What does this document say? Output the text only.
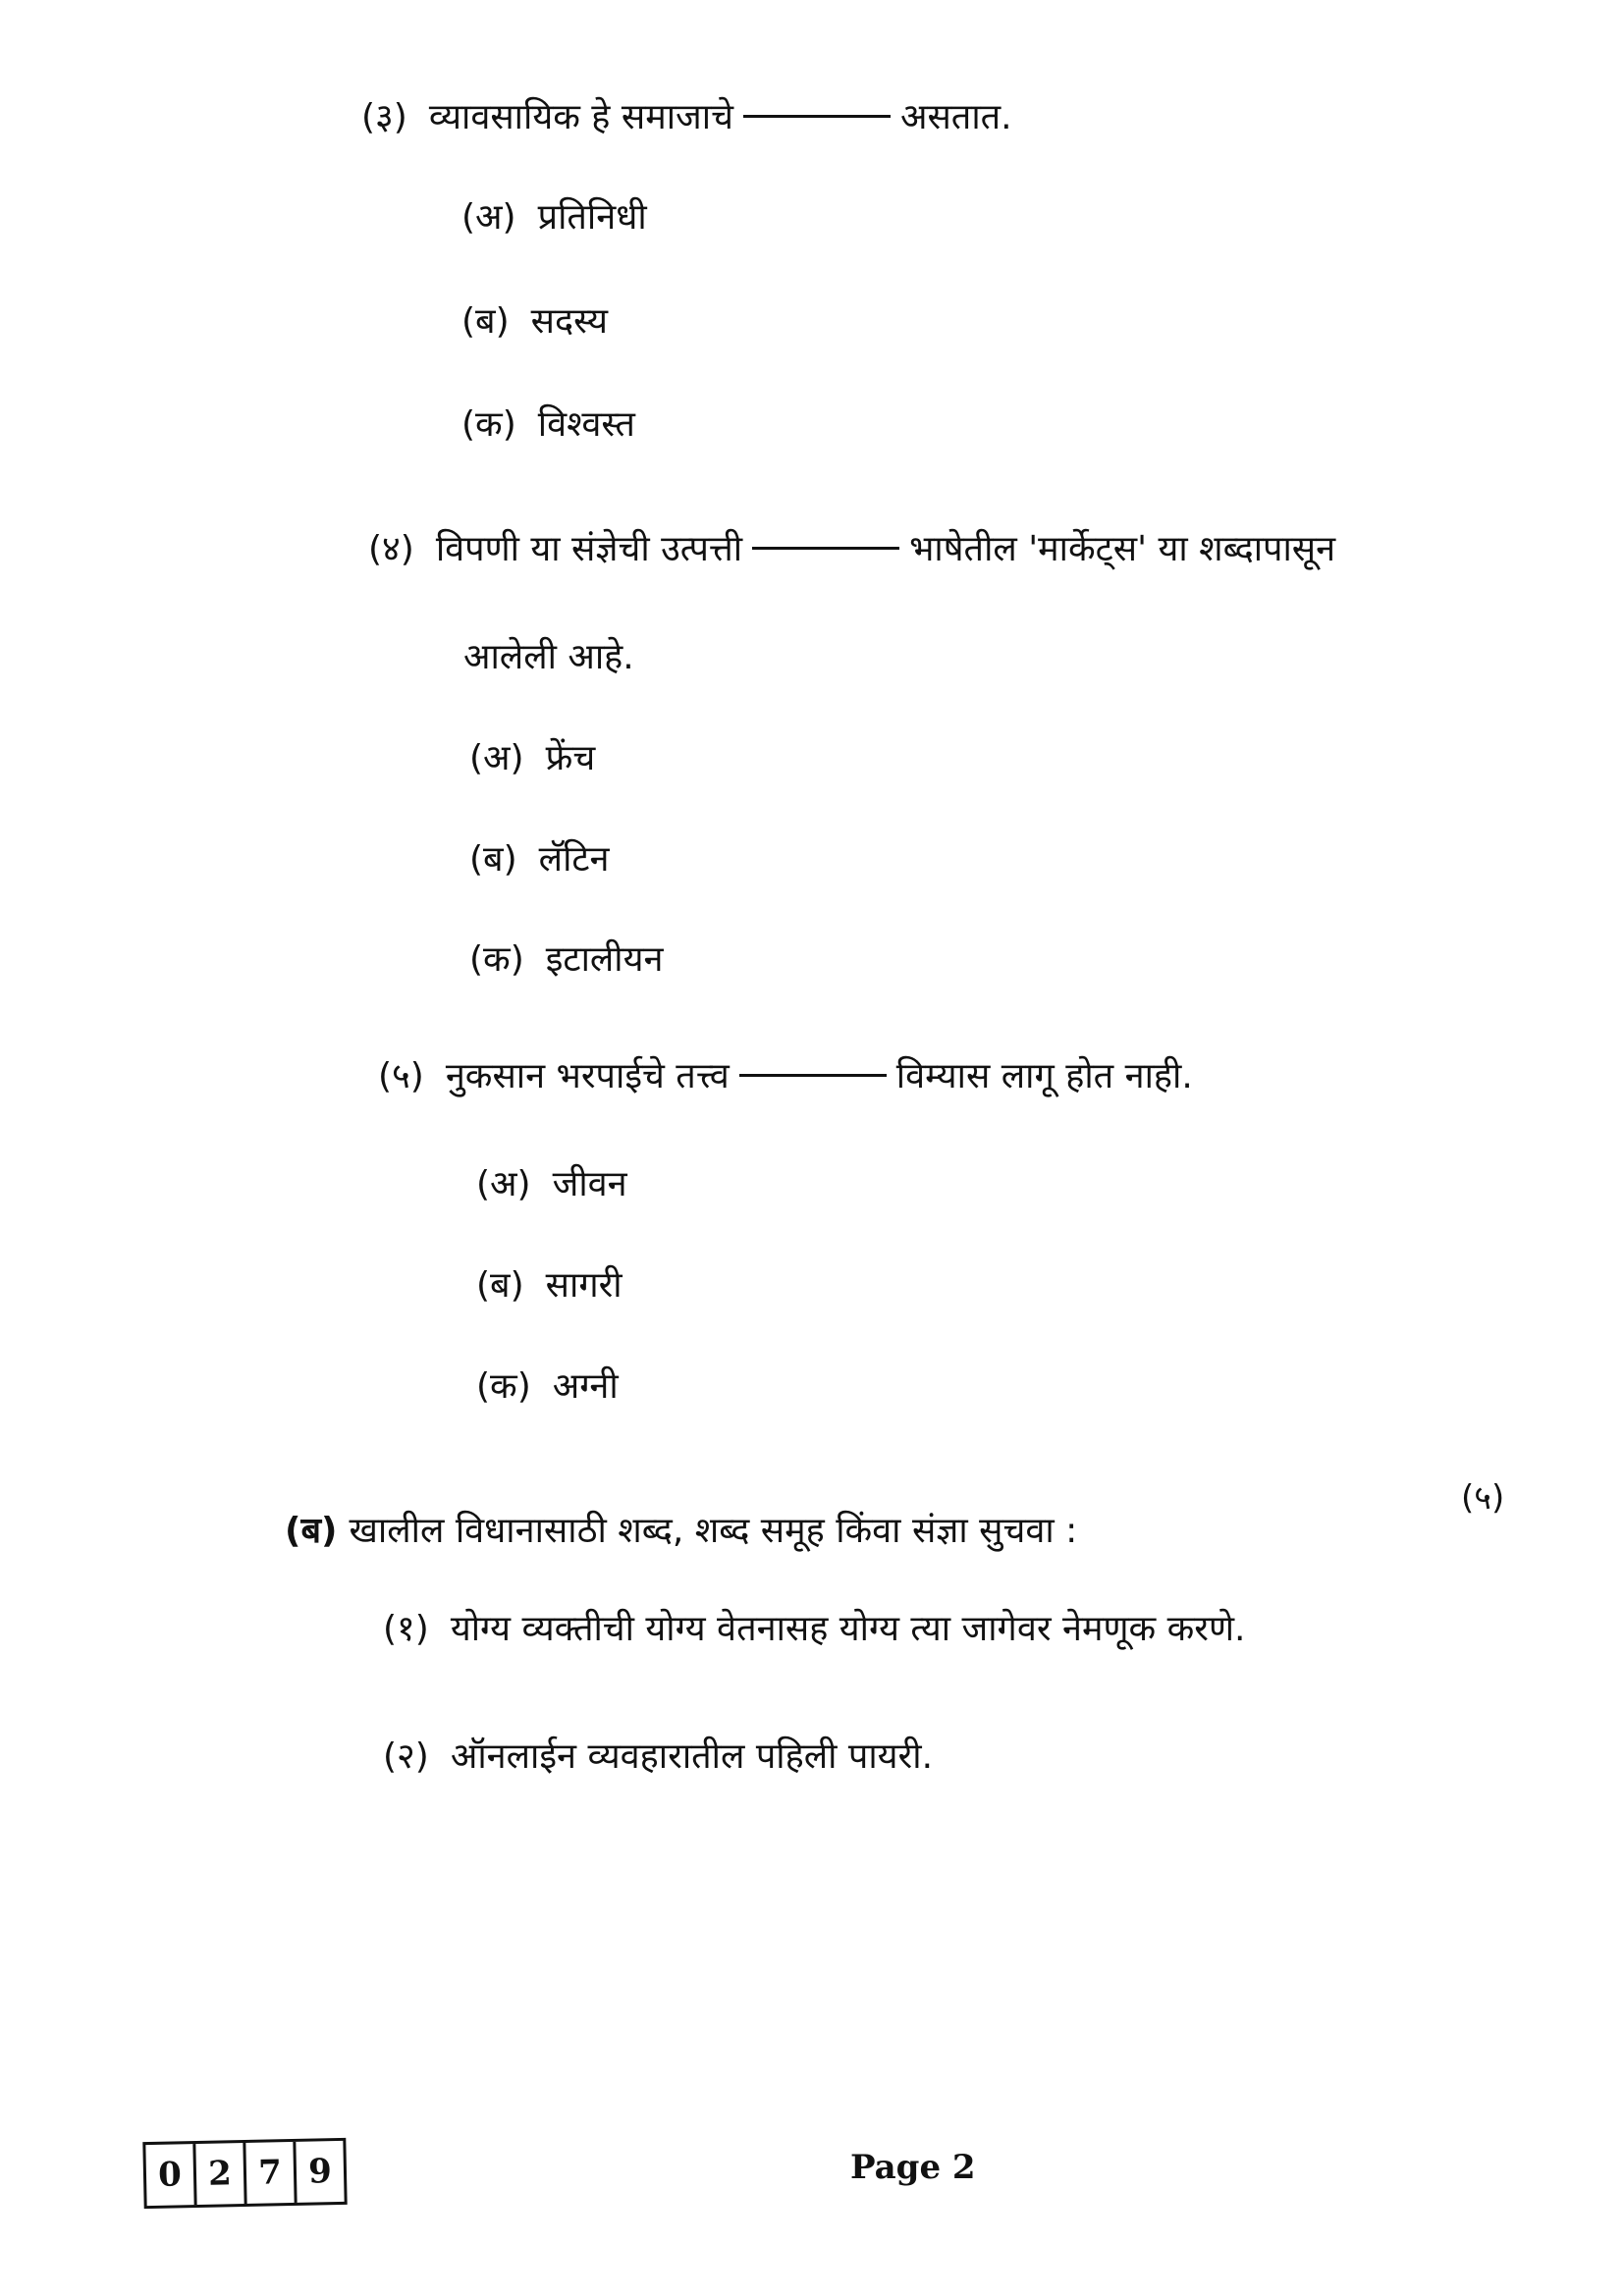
(३) व्यावसायिक हे समाजाचे	असतात.
(अ) प्रतिनिधी
(ब) सदस्य
(क) विश्वस्त
(४) विपणी या संज्ञेची उत्पत्ती	भाषेतील 'मार्केट्स' या शब्दापासून
आलेली आहे.
(अ) फ्रेंच
(ब) लॅटिन
(क) इटालीयन
(५) नुकसान भरपाईचे तत्त्व	विम्यास लागू होत नाही.
(अ) जीवन
(ब) सागरी
(क) अग्नी
(ब) खालील विधानासाठी शब्द, शब्द समूह किंवा संज्ञा सुचवा :
(५)
(१) योग्य व्यक्तीची योग्य वेतनासह योग्य त्या जागेवर नेमणूक करणे.
(२) ऑनलाईन व्यवहारातील पहिली पायरी.
0 2 7 9	Page 2
